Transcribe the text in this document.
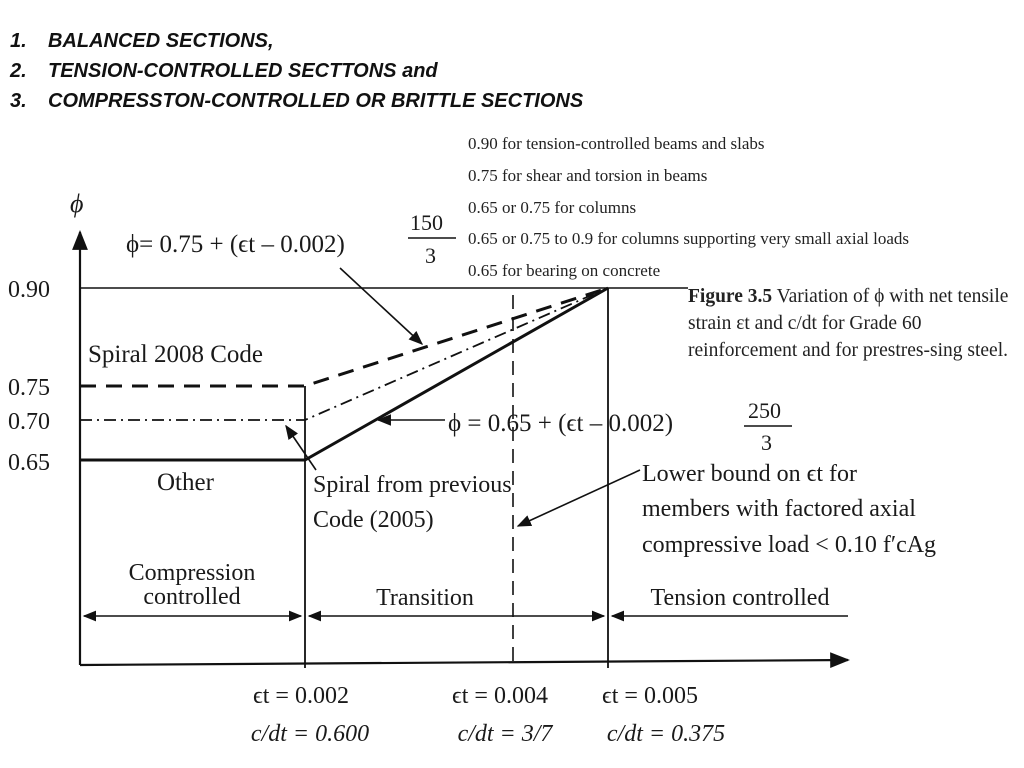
1.	BALANCED SECTIONS,
2.	TENSION-CONTROLLED SECTTONS and
3.	COMPRESSTON-CONTROLLED OR BRITTLE SECTIONS
0.90 for tension-controlled beams and slabs
0.75 for shear and torsion in beams
0.65 or 0.75 for columns
0.65 or 0.75 to 0.9 for columns supporting very small axial loads
0.65 for bearing on concrete
ϕ
0.90
0.75
0.70
0.65
ϕ= 0.75 + (ϵt – 0.002)
150
3
ϕ = 0.65 + (ϵt – 0.002)	250
3
Spiral 2008 Code
Other	Spiral from previous
Code (2005)
Lower bound on ϵt for
members with factored axial
compressive load < 0.10 f′cAg
Compression
controlled	Transition	Tension controlled
ϵt = 0.002
c/dt = 0.600
ϵt = 0.004
c/dt = 3/7
ϵt = 0.005
c/dt = 0.375
Figure 3.5 Variation of ϕ with net tensile strain εt and c/dt for Grade 60 reinforcement and for prestres-sing steel.
